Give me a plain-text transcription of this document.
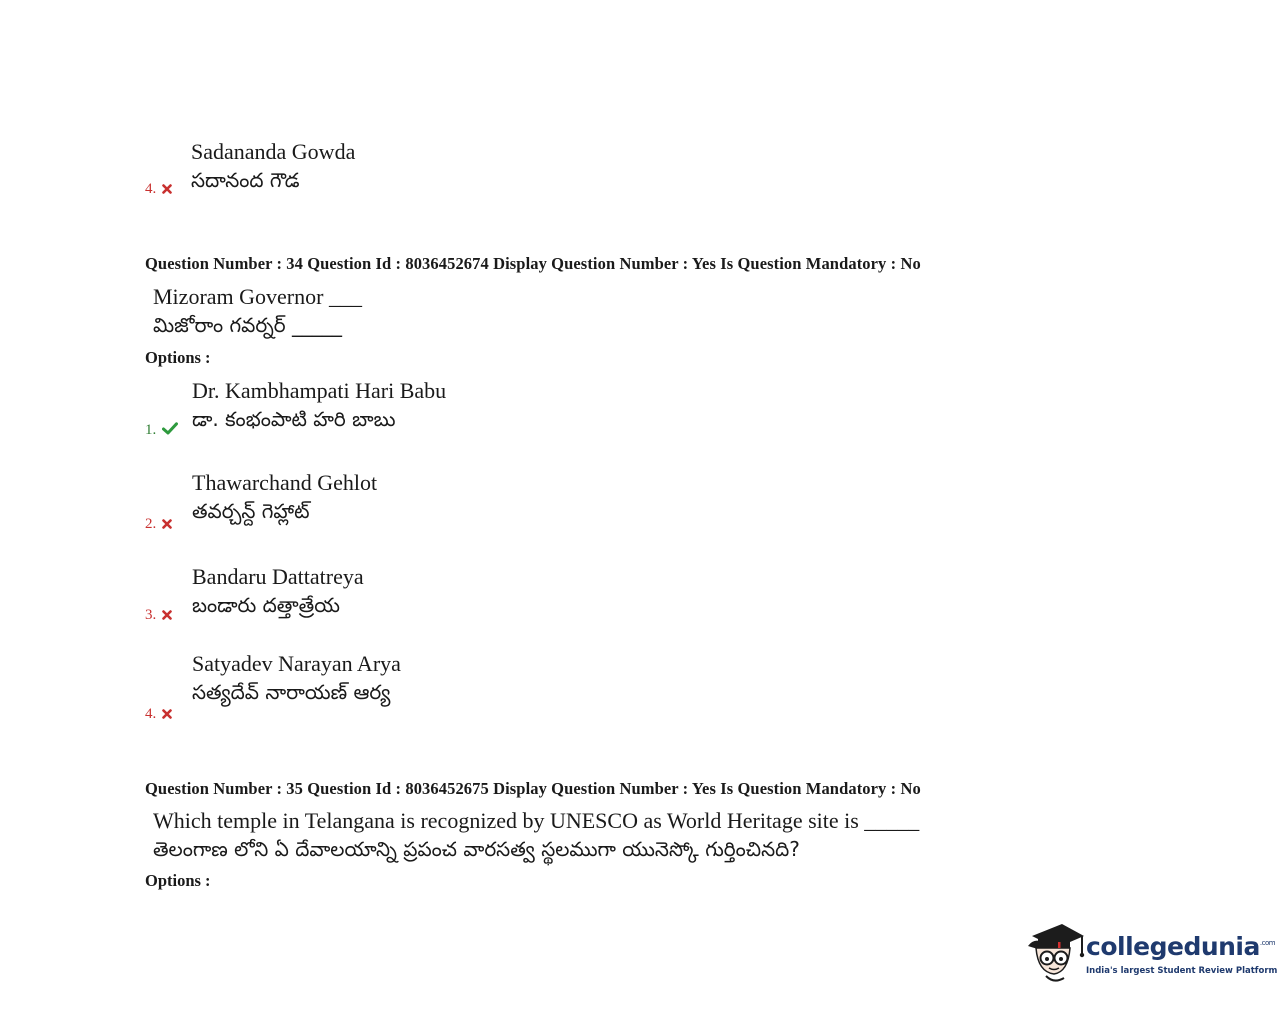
Sadananda Gowda
సదానంద గౌడ
4.
Question Number : 34 Question Id : 8036452674 Display Question Number : Yes Is Question Mandatory : No
Mizoram Governor ___
మిజోరాం గవర్నర్ _____
Options :
Dr. Kambhampati Hari Babu
డా. కంభంపాటి హరి బాబు
1.
Thawarchand Gehlot
తవర్చన్ద్ గెహ్లాట్
2.
Bandaru Dattatreya
బండారు దత్తాత్రేయ
3.
Satyadev Narayan Arya
సత్యదేవ్ నారాయణ్ ఆర్య
4.
Question Number : 35 Question Id : 8036452675 Display Question Number : Yes Is Question Mandatory : No
Which temple in Telangana is recognized by UNESCO as World Heritage site is _____
తెలంగాణ లోని ఏ దేవాలయాన్ని ప్రపంచ వారసత్వ స్థలముగా యునెస్కో గుర్తించినది?
Options :
collegedunia$^{.com}$
India's largest Student Review Platform
